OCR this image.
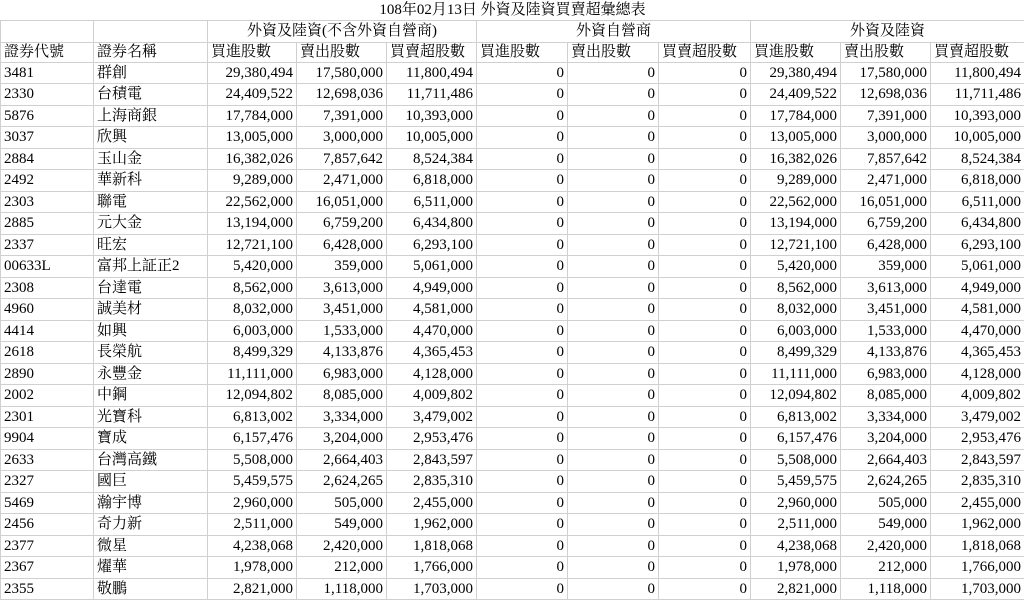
108年02月13日 外資及陸資買賣超彙總表										
		外資及陸資(不含外資自營商)			外資自營商			外資及陸資		
證券代號	證券名稱	買進股數	賣出股數	買賣超股數	買進股數	賣出股數	買賣超股數	買進股數	賣出股數	買賣超股數
3481	群創	29,380,494	17,580,000	11,800,494	0	0	0	29,380,494	17,580,000	11,800,494
2330	台積電	24,409,522	12,698,036	11,711,486	0	0	0	24,409,522	12,698,036	11,711,486
5876	上海商銀	17,784,000	7,391,000	10,393,000	0	0	0	17,784,000	7,391,000	10,393,000
3037	欣興	13,005,000	3,000,000	10,005,000	0	0	0	13,005,000	3,000,000	10,005,000
2884	玉山金	16,382,026	7,857,642	8,524,384	0	0	0	16,382,026	7,857,642	8,524,384
2492	華新科	9,289,000	2,471,000	6,818,000	0	0	0	9,289,000	2,471,000	6,818,000
2303	聯電	22,562,000	16,051,000	6,511,000	0	0	0	22,562,000	16,051,000	6,511,000
2885	元大金	13,194,000	6,759,200	6,434,800	0	0	0	13,194,000	6,759,200	6,434,800
2337	旺宏	12,721,100	6,428,000	6,293,100	0	0	0	12,721,100	6,428,000	6,293,100
00633L	富邦上証正2	5,420,000	359,000	5,061,000	0	0	0	5,420,000	359,000	5,061,000
2308	台達電	8,562,000	3,613,000	4,949,000	0	0	0	8,562,000	3,613,000	4,949,000
4960	誠美材	8,032,000	3,451,000	4,581,000	0	0	0	8,032,000	3,451,000	4,581,000
4414	如興	6,003,000	1,533,000	4,470,000	0	0	0	6,003,000	1,533,000	4,470,000
2618	長榮航	8,499,329	4,133,876	4,365,453	0	0	0	8,499,329	4,133,876	4,365,453
2890	永豐金	11,111,000	6,983,000	4,128,000	0	0	0	11,111,000	6,983,000	4,128,000
2002	中鋼	12,094,802	8,085,000	4,009,802	0	0	0	12,094,802	8,085,000	4,009,802
2301	光寶科	6,813,002	3,334,000	3,479,002	0	0	0	6,813,002	3,334,000	3,479,002
9904	寶成	6,157,476	3,204,000	2,953,476	0	0	0	6,157,476	3,204,000	2,953,476
2633	台灣高鐵	5,508,000	2,664,403	2,843,597	0	0	0	5,508,000	2,664,403	2,843,597
2327	國巨	5,459,575	2,624,265	2,835,310	0	0	0	5,459,575	2,624,265	2,835,310
5469	瀚宇博	2,960,000	505,000	2,455,000	0	0	0	2,960,000	505,000	2,455,000
2456	奇力新	2,511,000	549,000	1,962,000	0	0	0	2,511,000	549,000	1,962,000
2377	微星	4,238,068	2,420,000	1,818,068	0	0	0	4,238,068	2,420,000	1,818,068
2367	燿華	1,978,000	212,000	1,766,000	0	0	0	1,978,000	212,000	1,766,000
2355	敬鵬	2,821,000	1,118,000	1,703,000	0	0	0	2,821,000	1,118,000	1,703,000
